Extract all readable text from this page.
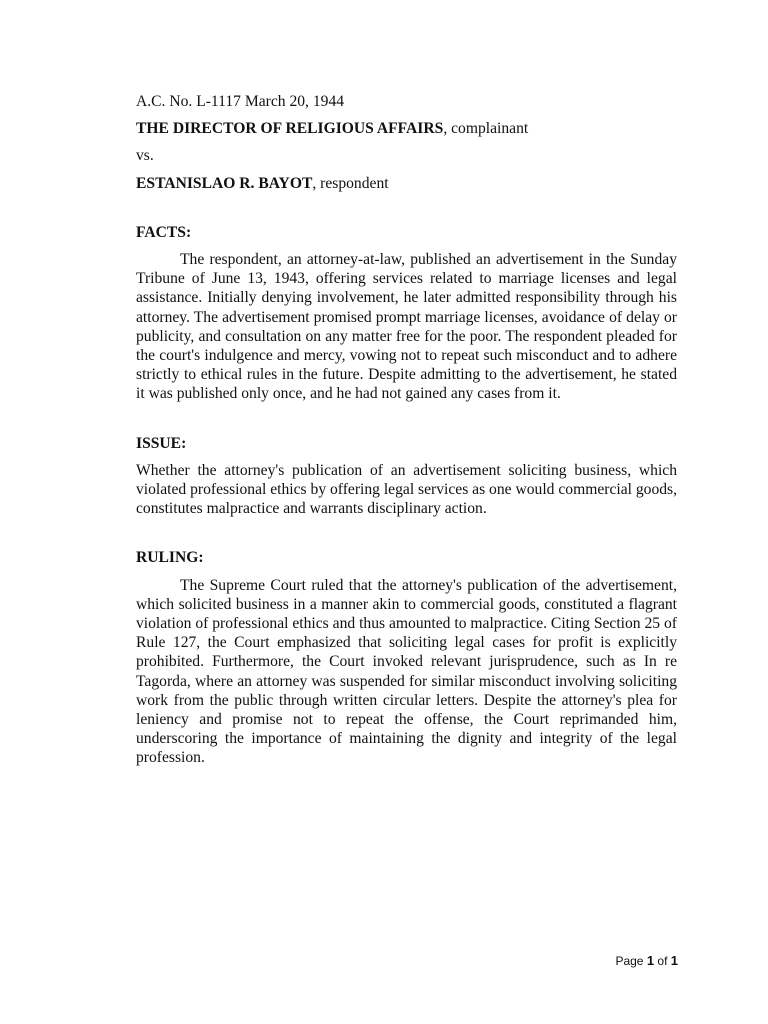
A.C. No. L-1117 March 20, 1944

THE DIRECTOR OF RELIGIOUS AFFAIRS, complainant

vs.

ESTANISLAO R. BAYOT, respondent

FACTS:

The respondent, an attorney-at-law, published an advertisement in the Sunday Tribune of June 13, 1943, offering services related to marriage licenses and legal assistance. Initially denying involvement, he later admitted responsibility through his attorney. The advertisement promised prompt marriage licenses, avoidance of delay or publicity, and consultation on any matter free for the poor. The respondent pleaded for the court's indulgence and mercy, vowing not to repeat such misconduct and to adhere strictly to ethical rules in the future. Despite admitting to the advertisement, he stated it was published only once, and he had not gained any cases from it.

ISSUE:

Whether the attorney's publication of an advertisement soliciting business, which violated professional ethics by offering legal services as one would commercial goods, constitutes malpractice and warrants disciplinary action.

RULING:

The Supreme Court ruled that the attorney's publication of the advertisement, which solicited business in a manner akin to commercial goods, constituted a flagrant violation of professional ethics and thus amounted to malpractice. Citing Section 25 of Rule 127, the Court emphasized that soliciting legal cases for profit is explicitly prohibited. Furthermore, the Court invoked relevant jurisprudence, such as In re Tagorda, where an attorney was suspended for similar misconduct involving soliciting work from the public through written circular letters. Despite the attorney's plea for leniency and promise not to repeat the offense, the Court reprimanded him, underscoring the importance of maintaining the dignity and integrity of the legal profession.

Page 1 of 1
